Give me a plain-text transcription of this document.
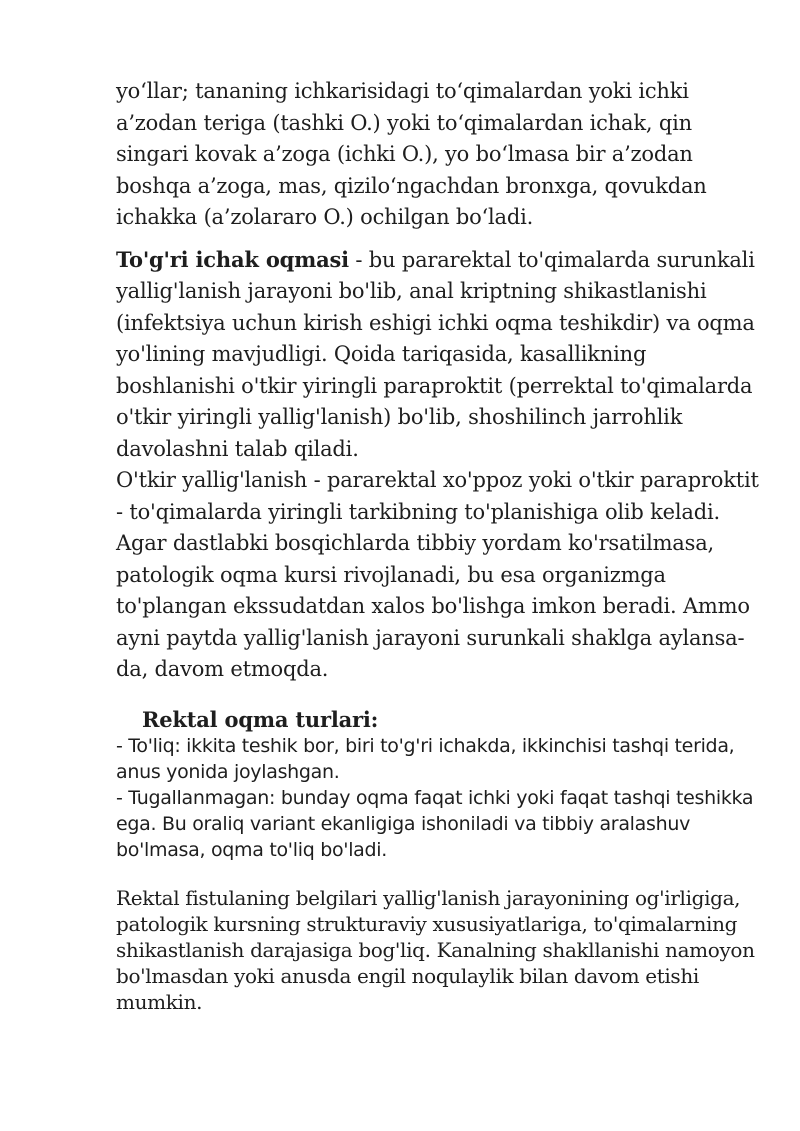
yo‘llar; tananing ichkarisidagi to‘qimalardan yoki ichki a’zodan teriga (tashki O.) yoki to‘qimalardan ichak, qin singari kovak a’zoga (ichki O.), yo bo‘lmasa bir a’zodan boshqa a’zoga, mas, qizilo‘ngachdan bronxga, qovukdan ichakka (a’zolararo O.) ochilgan bo‘ladi.

To'g'ri ichak oqmasi - bu pararektal to'qimalarda surunkali yallig'lanish jarayoni bo'lib, anal kriptning shikastlanishi (infektsiya uchun kirish eshigi ichki oqma teshikdir) va oqma yo'lining mavjudligi. Qoida tariqasida, kasallikning boshlanishi o'tkir yiringli paraproktit (perrektal to'qimalarda o'tkir yiringli yallig'lanish) bo'lib, shoshilinch jarrohlik davolashni talab qiladi.

O'tkir yallig'lanish - pararektal xo'ppoz yoki o'tkir paraproktit - to'qimalarda yiringli tarkibning to'planishiga olib keladi. Agar dastlabki bosqichlarda tibbiy yordam ko'rsatilmasa, patologik oqma kursi rivojlanadi, bu esa organizmga to'plangan ekssudatdan xalos bo'lishga imkon beradi. Ammo ayni paytda yallig'lanish jarayoni surunkali shaklga aylansa-da, davom etmoqda.

Rektal oqma turlari:
- To'liq: ikkita teshik bor, biri to'g'ri ichakda, ikkinchisi tashqi terida, anus yonida joylashgan.
- Tugallanmagan: bunday oqma faqat ichki yoki faqat tashqi teshikka ega. Bu oraliq variant ekanligiga ishoniladi va tibbiy aralashuv bo'lmasa, oqma to'liq bo'ladi.

Rektal fistulaning belgilari yallig'lanish jarayonining og'irligiga, patologik kursning strukturaviy xususiyatlariga, to'qimalarning shikastlanish darajasiga bog'liq. Kanalning shakllanishi namoyon bo'lmasdan yoki anusda engil noqulaylik bilan davom etishi mumkin.
